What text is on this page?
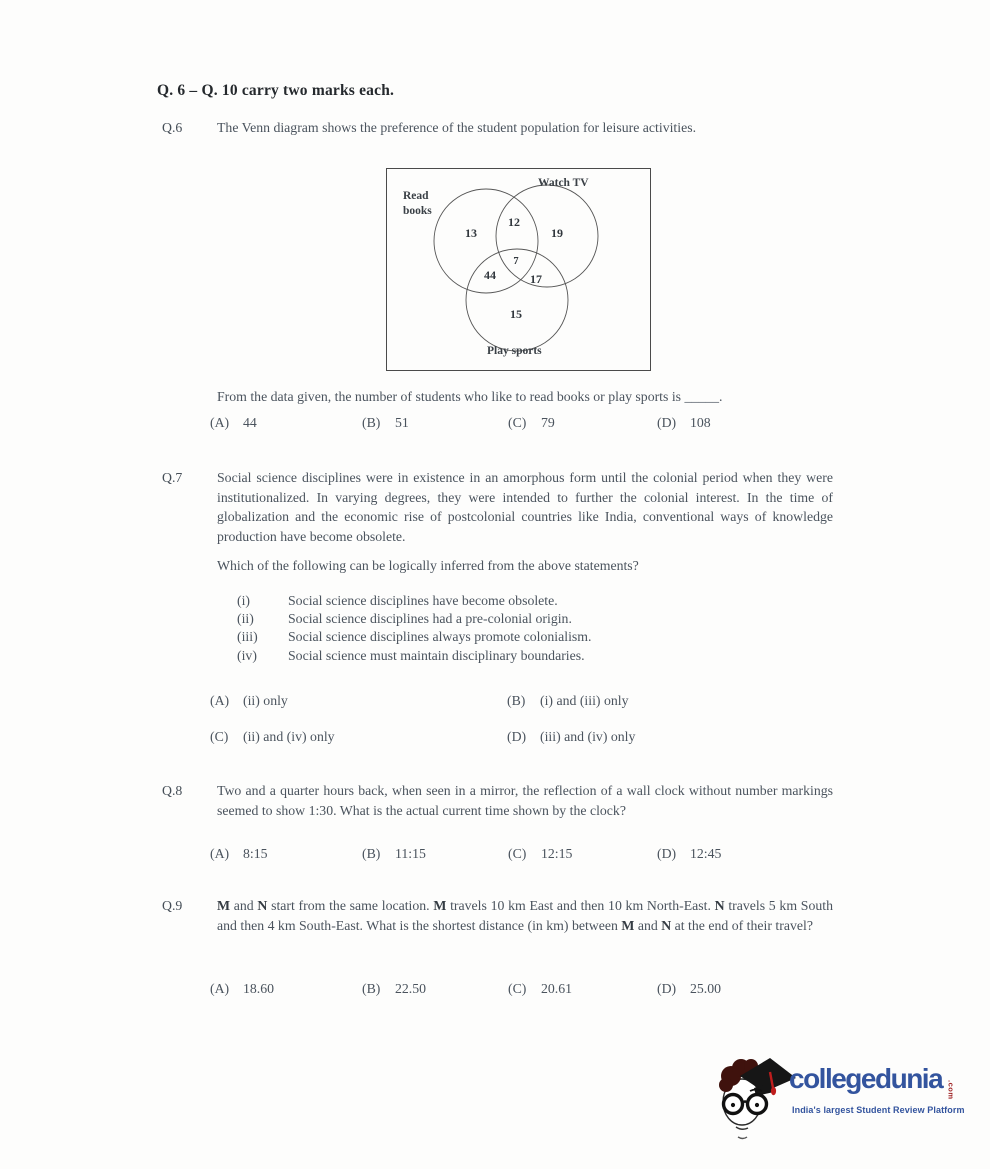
Q. 6 – Q. 10 carry two marks each.
Q.6	The Venn diagram shows the preference of the student population for leisure activities.
13
12
19
7
44	17
15
Read books
Watch TV
Play sports
From the data given, the number of students who like to read books or play sports is _____.
(A) 44	(B) 51	(C) 79	(D) 108
Q.7	Social science disciplines were in existence in an amorphous form until the colonial period when they were institutionalized. In varying degrees, they were intended to further the colonial interest. In the time of globalization and the economic rise of postcolonial countries like India, conventional ways of knowledge production have become obsolete.
Which of the following can be logically inferred from the above statements?
(i)	Social science disciplines have become obsolete.
(ii)	Social science disciplines had a pre-colonial origin.
(iii)	Social science disciplines always promote colonialism.
(iv)	Social science must maintain disciplinary boundaries.
(A) (ii) only	(B) (i) and (iii) only
(C) (ii) and (iv) only	(D) (iii) and (iv) only
Q.8	Two and a quarter hours back, when seen in a mirror, the reflection of a wall clock without number markings seemed to show 1:30. What is the actual current time shown by the clock?
(A) 8:15	(B) 11:15	(C) 12:15	(D) 12:45
Q.9	M and N start from the same location. M travels 10 km East and then 10 km North-East. N travels 5 km South and then 4 km South-East. What is the shortest distance (in km) between M and N at the end of their travel?
(A) 18.60	(B) 22.50	(C) 20.61	(D) 25.00
collegedunia .com
India's largest Student Review Platform
